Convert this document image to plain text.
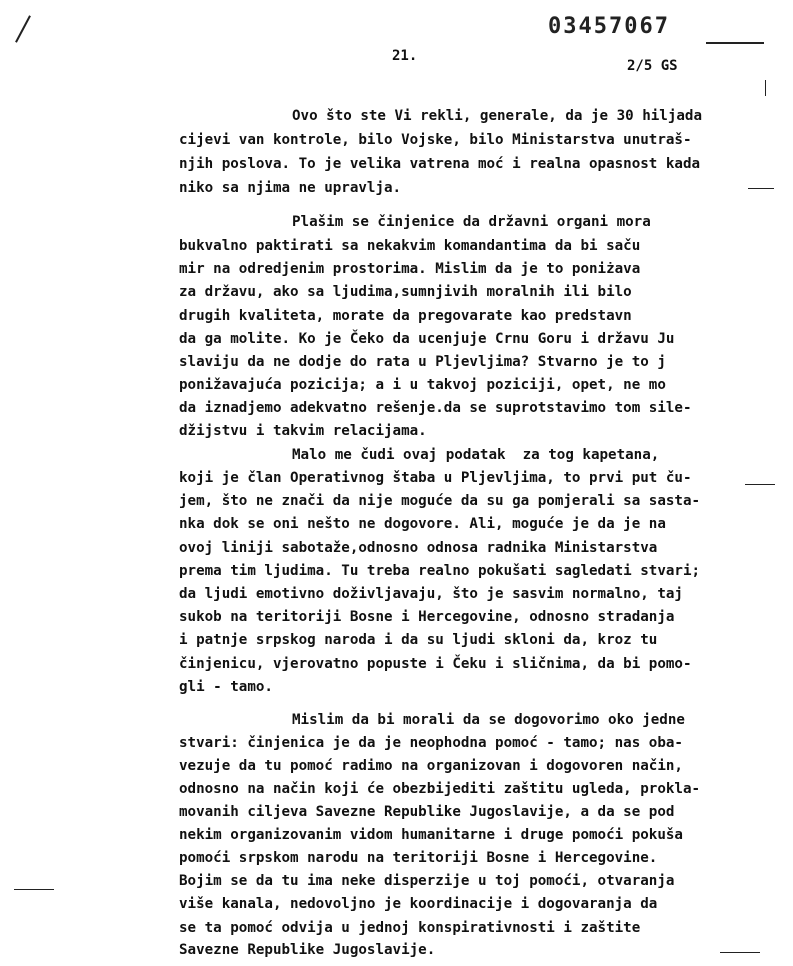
03457067
21.
2/5 GS
Ovo što ste Vi rekli, generale, da je 30 hiljada
cijevi van kontrole, bilo Vojske, bilo Ministarstva unutraš-
njih poslova. To je velika vatrena moć i realna opasnost kada
niko sa njima ne upravlja.
Plašim se činjenice da državni organi mora
bukvalno paktirati sa nekakvim komandantima da bi saču
mir na odredjenim prostorima. Mislim da je to poniżava
za državu, ako sa ljudima,sumnjivih moralnih ili bilo
drugih kvaliteta, morate da pregovarate kao predstavn
da ga molite. Ko je Čeko da ucenjuje Crnu Goru i državu Ju
slaviju da ne dodje do rata u Pljevljima? Stvarno je to j
ponižavajuća pozicija; a i u takvoj poziciji, opet, ne mo
da iznadjemo adekvatno rešenje.da se suprotstavimo tom sile-
džijstvu i takvim relacijama.
Malo me čudi ovaj podatak  za tog kapetana,
koji je član Operativnog štaba u Pljevljima, to prvi put ču-
jem, što ne znači da nije moguće da su ga pomjerali sa sasta-
nka dok se oni nešto ne dogovore. Ali, moguće je da je na
ovoj liniji sabotaže,odnosno odnosa radnika Ministarstva
prema tim ljudima. Tu treba realno pokušati sagledati stvari;
da ljudi emotivno doživljavaju, što je sasvim normalno, taj
sukob na teritoriji Bosne i Hercegovine, odnosno stradanja
i patnje srpskog naroda i da su ljudi skloni da, kroz tu
činjenicu, vjerovatno popuste i Čeku i sličnima, da bi pomo-
gli - tamo.
Mislim da bi morali da se dogovorimo oko jedne
stvari: činjenica je da je neophodna pomoć - tamo; nas oba-
vezuje da tu pomoć radimo na organizovan i dogovoren način,
odnosno na način koji će obezbijediti zaštitu ugleda, prokla-
movanih ciljeva Savezne Republike Jugoslavije, a da se pod
nekim organizovanim vidom humanitarne i druge pomoći pokuša
pomoći srpskom narodu na teritoriji Bosne i Hercegovine.
Bojim se da tu ima neke disperzije u toj pomoći, otvaranja
više kanala, nedovoljno je koordinacije i dogovaranja da
se ta pomoć odvija u jednoj konspirativnosti i zaštite
Savezne Republike Jugoslavije.
